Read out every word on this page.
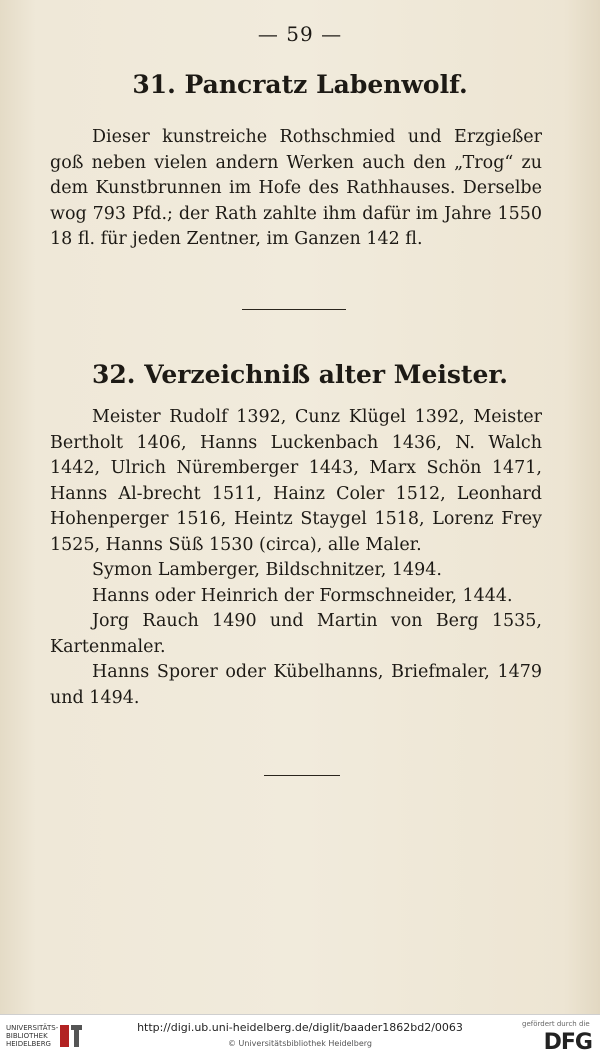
— 59 —
31. Pancratz Labenwolf.

Dieser kunstreiche Rothschmied und Erzgießer goß neben vielen andern Werken auch den „Trog“ zu dem Kunstbrunnen im Hofe des Rathhauses. Derselbe wog 793 Pfd.; der Rath zahlte ihm dafür im Jahre 1550 18 fl. für jeden Zentner, im Ganzen 142 fl.

32. Verzeichniß alter Meister.

Meister Rudolf 1392, Cunz Klügel 1392, Meister Bertholt 1406, Hanns Luckenbach 1436, N. Walch 1442, Ulrich Nüremberger 1443, Marx Schön 1471, Hanns Al-brecht 1511, Hainz Coler 1512, Leonhard Hohenperger 1516, Heintz Staygel 1518, Lorenz Frey 1525, Hanns Süß 1530 (circa), alle Maler.

Symon Lamberger, Bildschnitzer, 1494.

Hanns oder Heinrich der Formschneider, 1444.

Jorg Rauch 1490 und Martin von Berg 1535, Kartenmaler.

Hanns Sporer oder Kübelhanns, Briefmaler, 1479 und 1494.

UNIVERSITÄTS-
BIBLIOTHEK
HEIDELBERG
http://digi.ub.uni-heidelberg.de/diglit/baader1862bd2/0063
© Universitätsbibliothek Heidelberg
gefördert durch die
DFG
